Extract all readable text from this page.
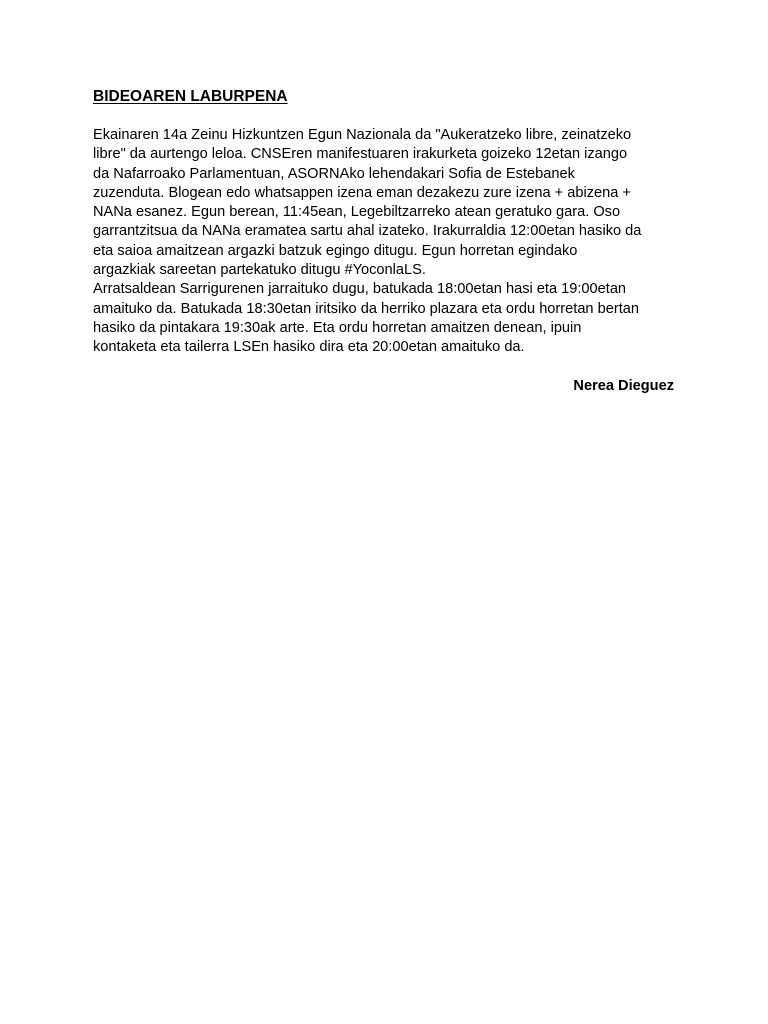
BIDEOAREN LABURPENA

Ekainaren 14a Zeinu Hizkuntzen Egun Nazionala da "Aukeratzeko libre, zeinatzeko
libre" da aurtengo leloa. CNSEren manifestuaren irakurketa goizeko 12etan izango
da Nafarroako Parlamentuan, ASORNAko lehendakari Sofia de Estebanek
zuzenduta. Blogean edo whatsappen izena eman dezakezu zure izena + abizena +
NANa esanez. Egun berean, 11:45ean, Legebiltzarreko atean geratuko gara. Oso
garrantzitsua da NANa eramatea sartu ahal izateko. Irakurraldia 12:00etan hasiko da
eta saioa amaitzean argazki batzuk egingo ditugu. Egun horretan egindako
argazkiak sareetan partekatuko ditugu #YoconlaLS.

Arratsaldean Sarrigurenen jarraituko dugu, batukada 18:00etan hasi eta 19:00etan
amaituko da. Batukada 18:30etan iritsiko da herriko plazara eta ordu horretan bertan
hasiko da pintakara 19:30ak arte. Eta ordu horretan amaitzen denean, ipuin
kontaketa eta tailerra LSEn hasiko dira eta 20:00etan amaituko da.

Nerea Dieguez
